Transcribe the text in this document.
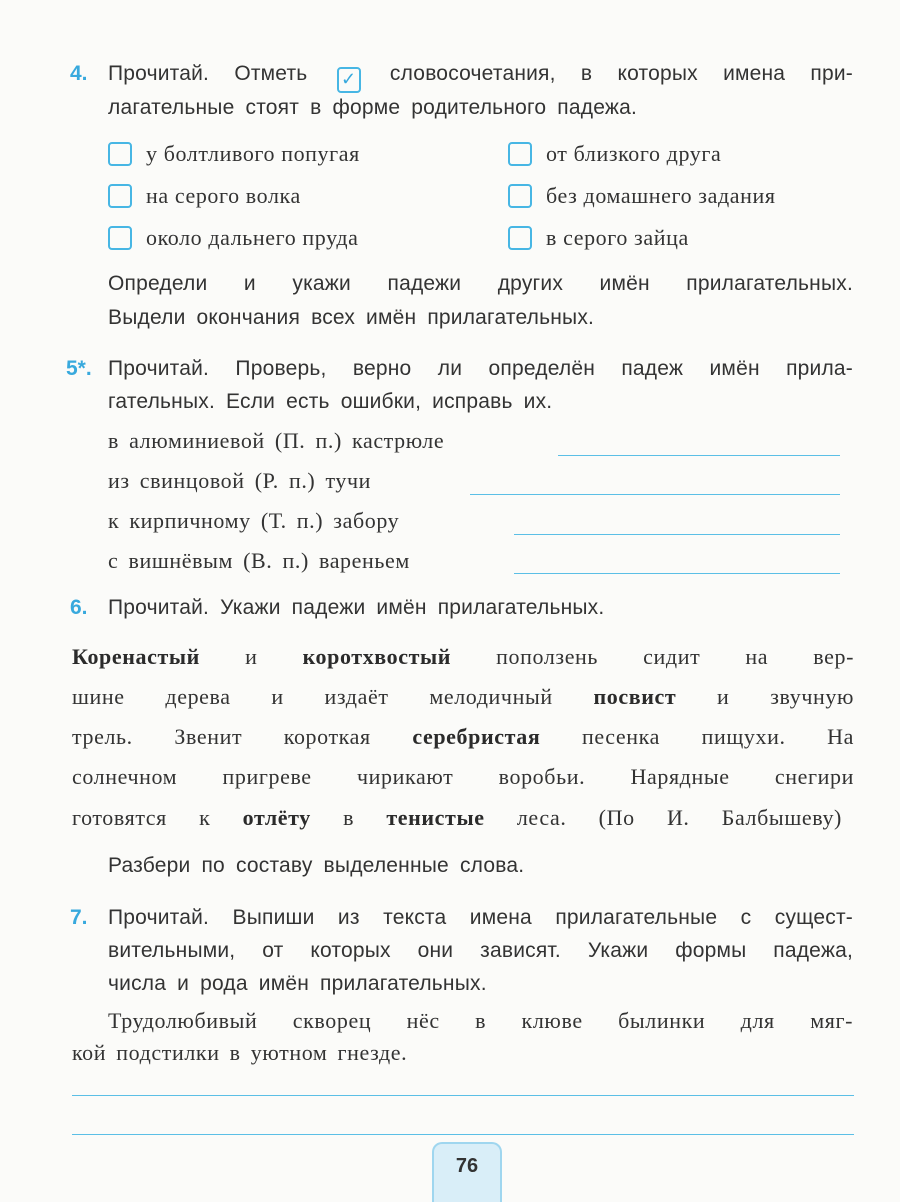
4. Прочитай. Отметь ✓ словосочетания, в которых имена при-
лагательные стоят в форме родительного падежа.
у болтливого попугая	от близкого друга
на серого волка	без домашнего задания
около дальнего пруда	в серого зайца
Определи и укажи падежи других имён прилагательных.
Выдели окончания всех имён прилагательных.
5*. Прочитай. Проверь, верно ли определён падеж имён прила-
гательных. Если есть ошибки, исправь их.
в алюминиевой (П. п.) кастрюле
из свинцовой (Р. п.) тучи
к кирпичному (Т. п.) забору
с вишнёвым (В. п.) вареньем
6. Прочитай. Укажи падежи имён прилагательных.
Коренастый и коротхвостый поползень сидит на вер-
шине дерева и издаёт мелодичный посвист и звучную
трель. Звенит короткая серебристая песенка пищухи. На
солнечном пригреве чирикают воробьи. Нарядные снегири
готовятся к отлёту в тенистые леса. (По И. Балбышеву)
Разбери по составу выделенные слова.
7. Прочитай. Выпиши из текста имена прилагательные с сущест-
вительными, от которых они зависят. Укажи формы падежа,
числа и рода имён прилагательных.
Трудолюбивый скворец нёс в клюве былинки для мяг-
кой подстилки в уютном гнезде.
76
